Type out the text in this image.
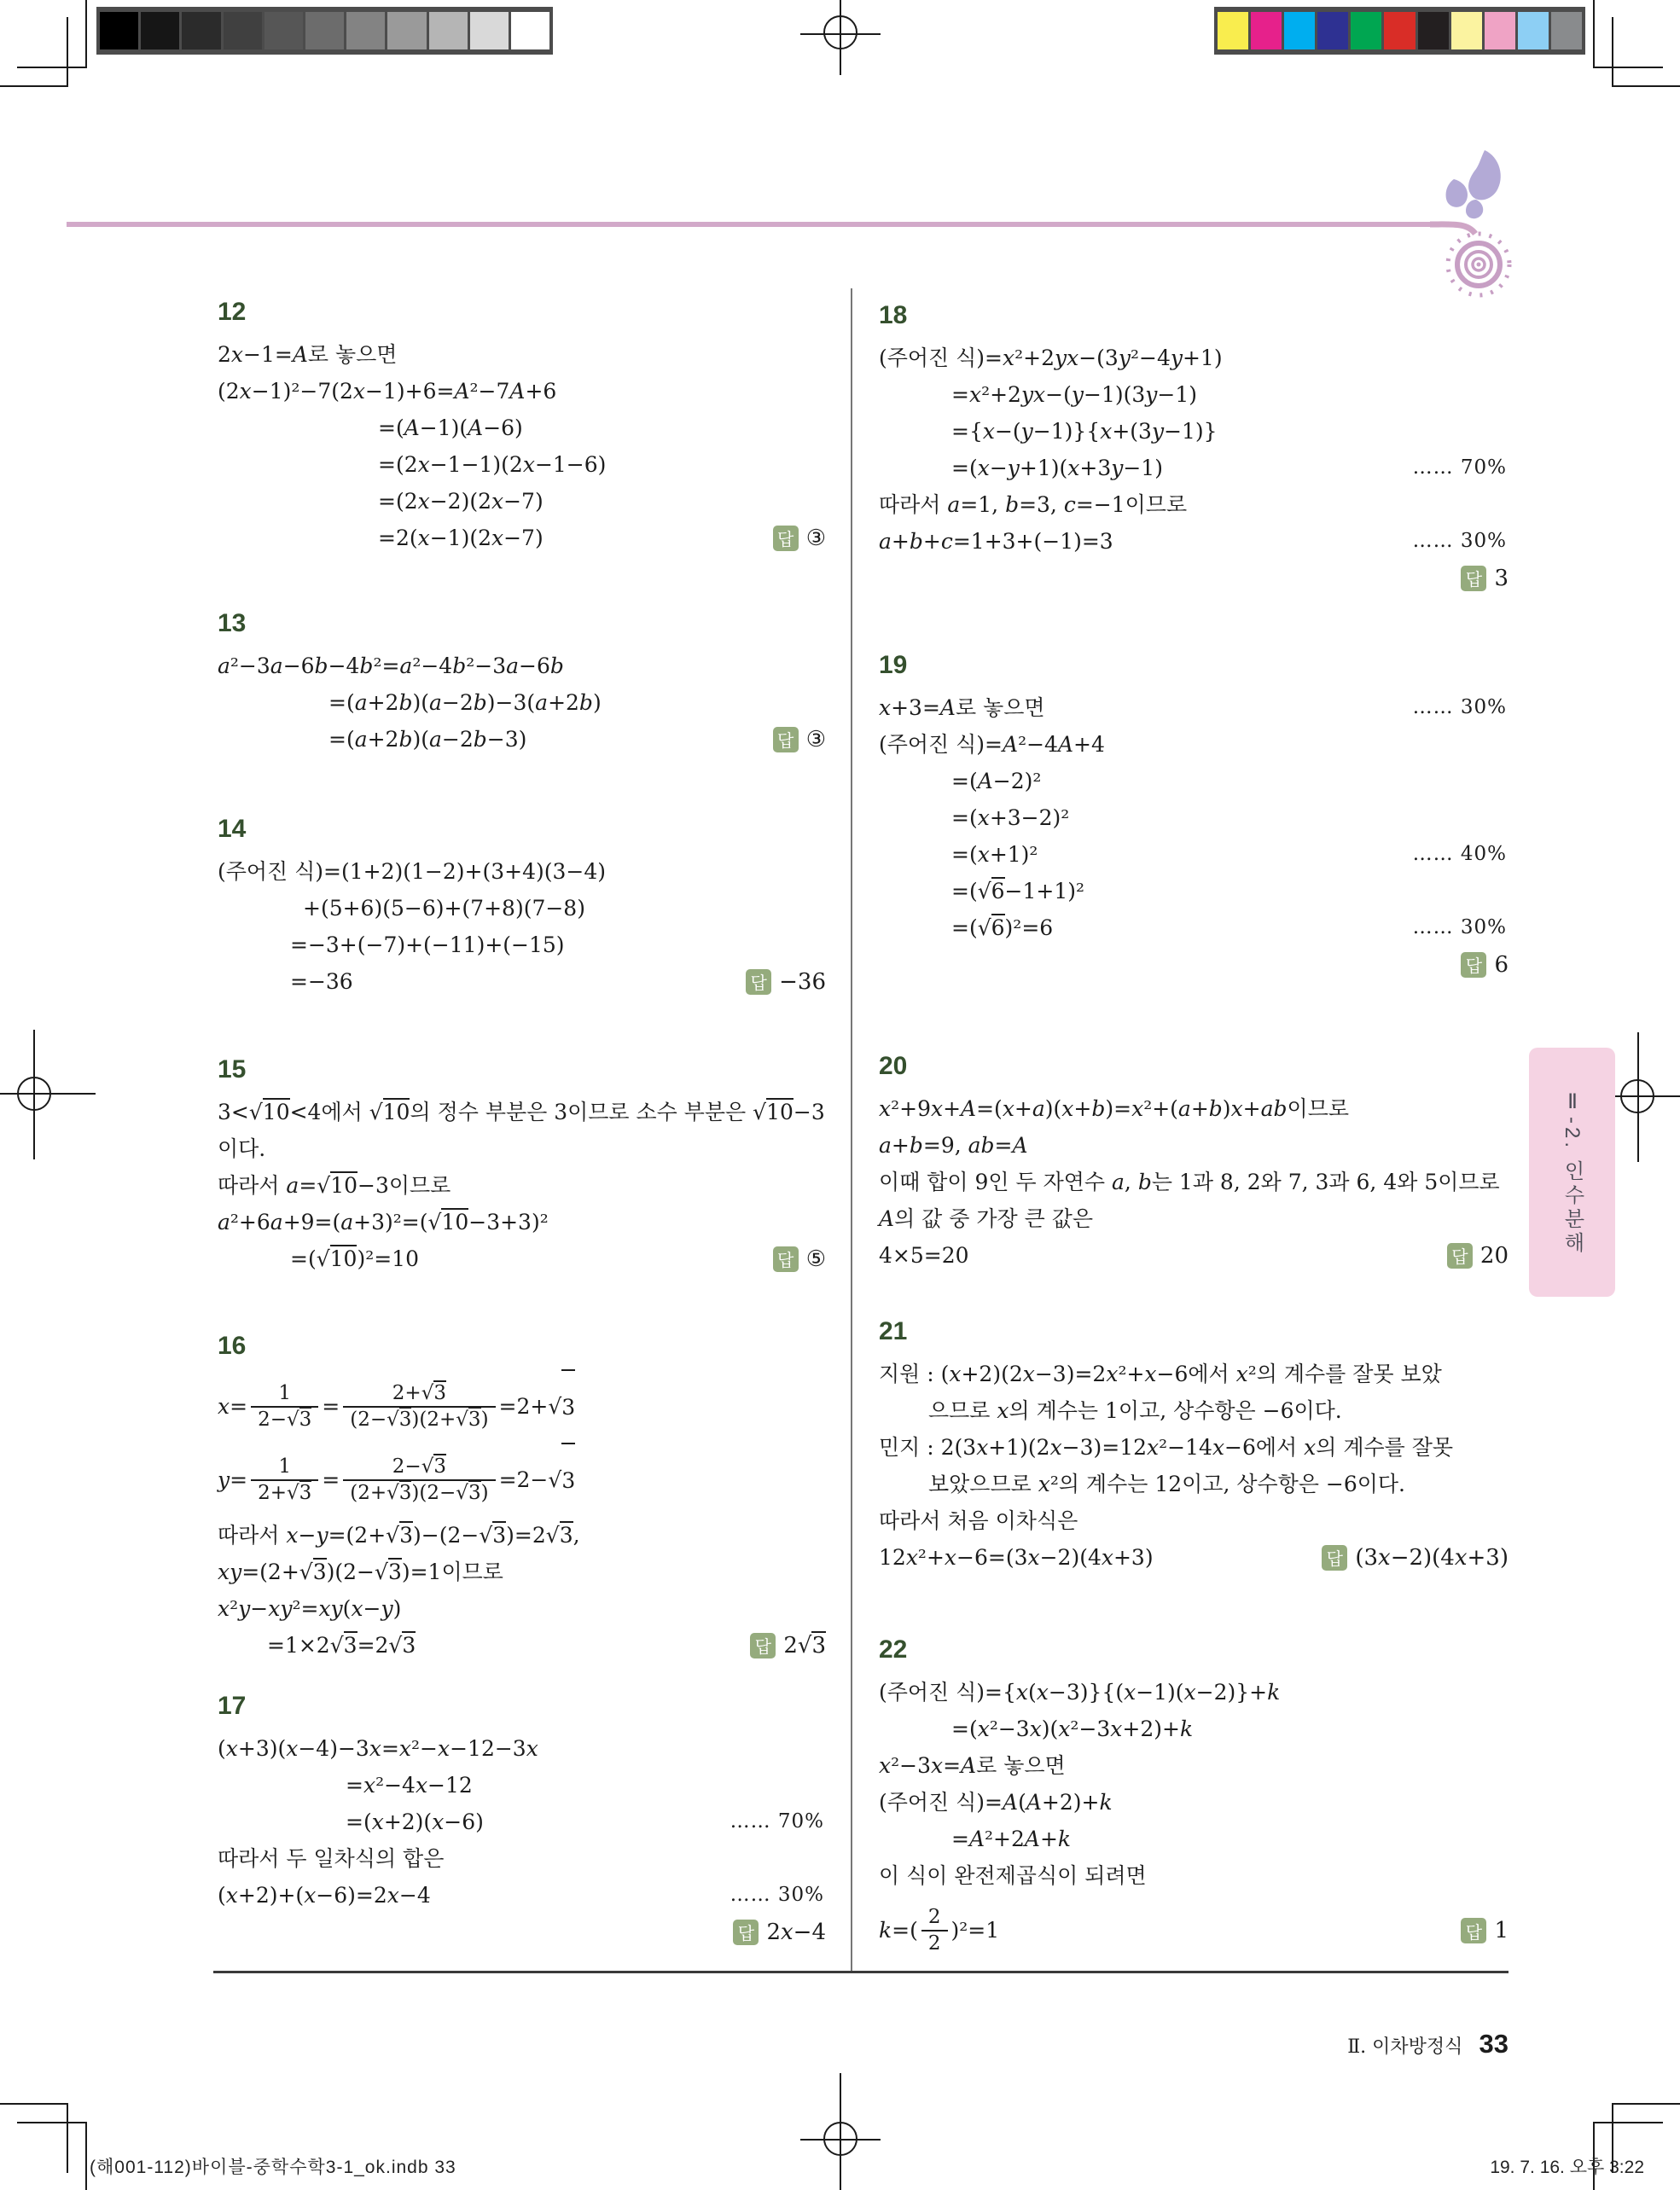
12
2x−1=A로 놓으면
(2x−1)²−7(2x−1)+6=A²−7A+6
=(A−1)(A−6)
=(2x−1−1)(2x−1−6)
=(2x−2)(2x−7)
=2(x−1)(2x−7)	답 ③
13
a²−3a−6b−4b²=a²−4b²−3a−6b
=(a+2b)(a−2b)−3(a+2b)
=(a+2b)(a−2b−3)	답 ③
14
(주어진 식)=(1+2)(1−2)+(3+4)(3−4)
+(5+6)(5−6)+(7+8)(7−8)
=−3+(−7)+(−11)+(−15)
=−36	답 −36
15
3<√10<4에서 √10의 정수 부분은 3이므로 소수 부분은 √10−3
이다.
따라서 a=√10−3이므로
a²+6a+9=(a+3)²=(√10−3+3)²
=(√10)²=10	답 ⑤
16
$x = \frac{1}{2-√3} = \frac{2+√3}{(2-√3)(2+√3)} =2+√$ 3
$y = \frac{1}{2+√3} = \frac{2-√3}{(2+√3)(2-√3)} =2-√$ 3
따라서 x−y=(2+√3)−(2−√3)=2√3,
xy=(2+√3)(2−√3)=1이므로
x²y−xy²=xy(x−y)
=1×2√3=2√3	답 2√3
17
(x+3)(x−4)−3x=x²−x−12−3x
=x²−4x−12
=(x+2)(x−6)	…… 70%
따라서 두 일차식의 합은
(x+2)+(x−6)=2x−4	…… 30%
답 2x−4
18
(주어진 식)=x²+2yx−(3y²−4y+1)
=x²+2yx−(y−1)(3y−1)
={x−(y−1)}{x+(3y−1)}
=(x−y+1)(x+3y−1)	…… 70%
따라서 a=1, b=3, c=−1이므로
a+b+c=1+3+(−1)=3	…… 30%
답 3
19
x+3=A로 놓으면	…… 30%
(주어진 식)=A²−4A+4
=(A−2)²
=(x+3−2)²
=(x+1)²	…… 40%
=(√6−1+1)²
=(√6)²=6	…… 30%
답 6
20
x²+9x+A=(x+a)(x+b)=x²+(a+b)x+ab이므로
a+b=9, ab=A
이때 합이 9인 두 자연수 a, b는 1과 8, 2와 7, 3과 6, 4와 5이므로
A의 값 중 가장 큰 값은
4×5=20	답 20
21
지원 : (x+2)(2x−3)=2x²+x−6에서 x²의 계수를 잘못 보았
으므로 x의 계수는 1이고, 상수항은 −6이다.
민지 : 2(3x+1)(2x−3)=12x²−14x−6에서 x의 계수를 잘못
보았으므로 x²의 계수는 12이고, 상수항은 −6이다.
따라서 처음 이차식은
12x²+x−6=(3x−2)(4x+3)	답 (3x−2)(4x+3)
22
(주어진 식)={x(x−3)}{(x−1)(x−2)}+k
=(x²−3x)(x²−3x+2)+k
x²−3x=A로 놓으면
(주어진 식)=A(A+2)+k
=A²+2A+k
이 식이 완전제곱식이 되려면
k =( $\frac{2}{2} )^2=1$	답 1
Ⅱ. 이차방정식 33
Ⅱ-2. 인수분해
(해001-112)바이블-중학수학3-1_ok.indb 33	19. 7. 16. 오후 3:22
